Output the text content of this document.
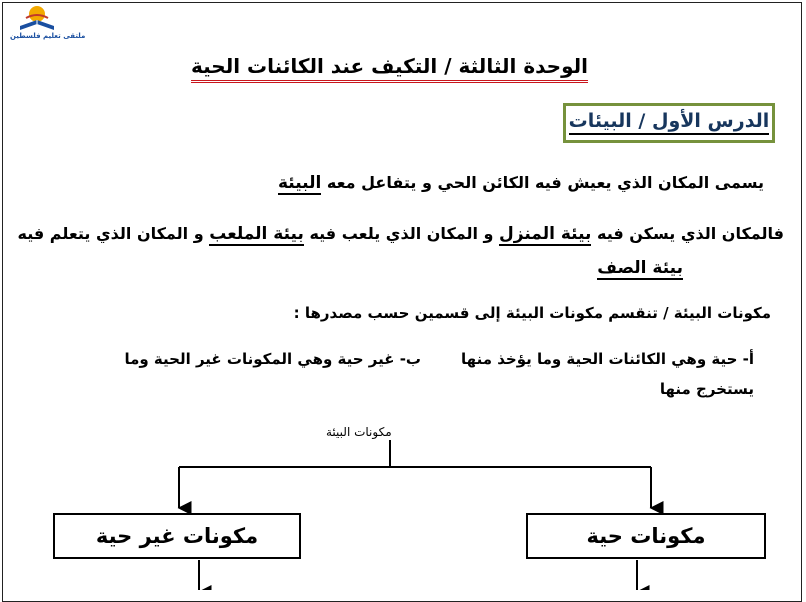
ملتقى تعليم فلسطين
الوحدة الثالثة / التكيف عند الكائنات الحية
الدرس الأول / البيئات
يسمى المكان الذي يعيش فيه الكائن الحي و يتفاعل معه البيئة
فالمكان الذي يسكن فيه بيئة المنزل و المكان الذي يلعب فيه بيئة الملعب و المكان الذي يتعلم فيه
بيئة الصف
مكونات البيئة / تنقسم مكونات البيئة إلى قسمين حسب مصدرها :
أ- حية وهي الكائنات الحية وما يؤخذ منها
ب- غير حية وهي المكونات غير الحية وما
يستخرج منها
مكونات البيئة
مكونات غير حية	مكونات حية
